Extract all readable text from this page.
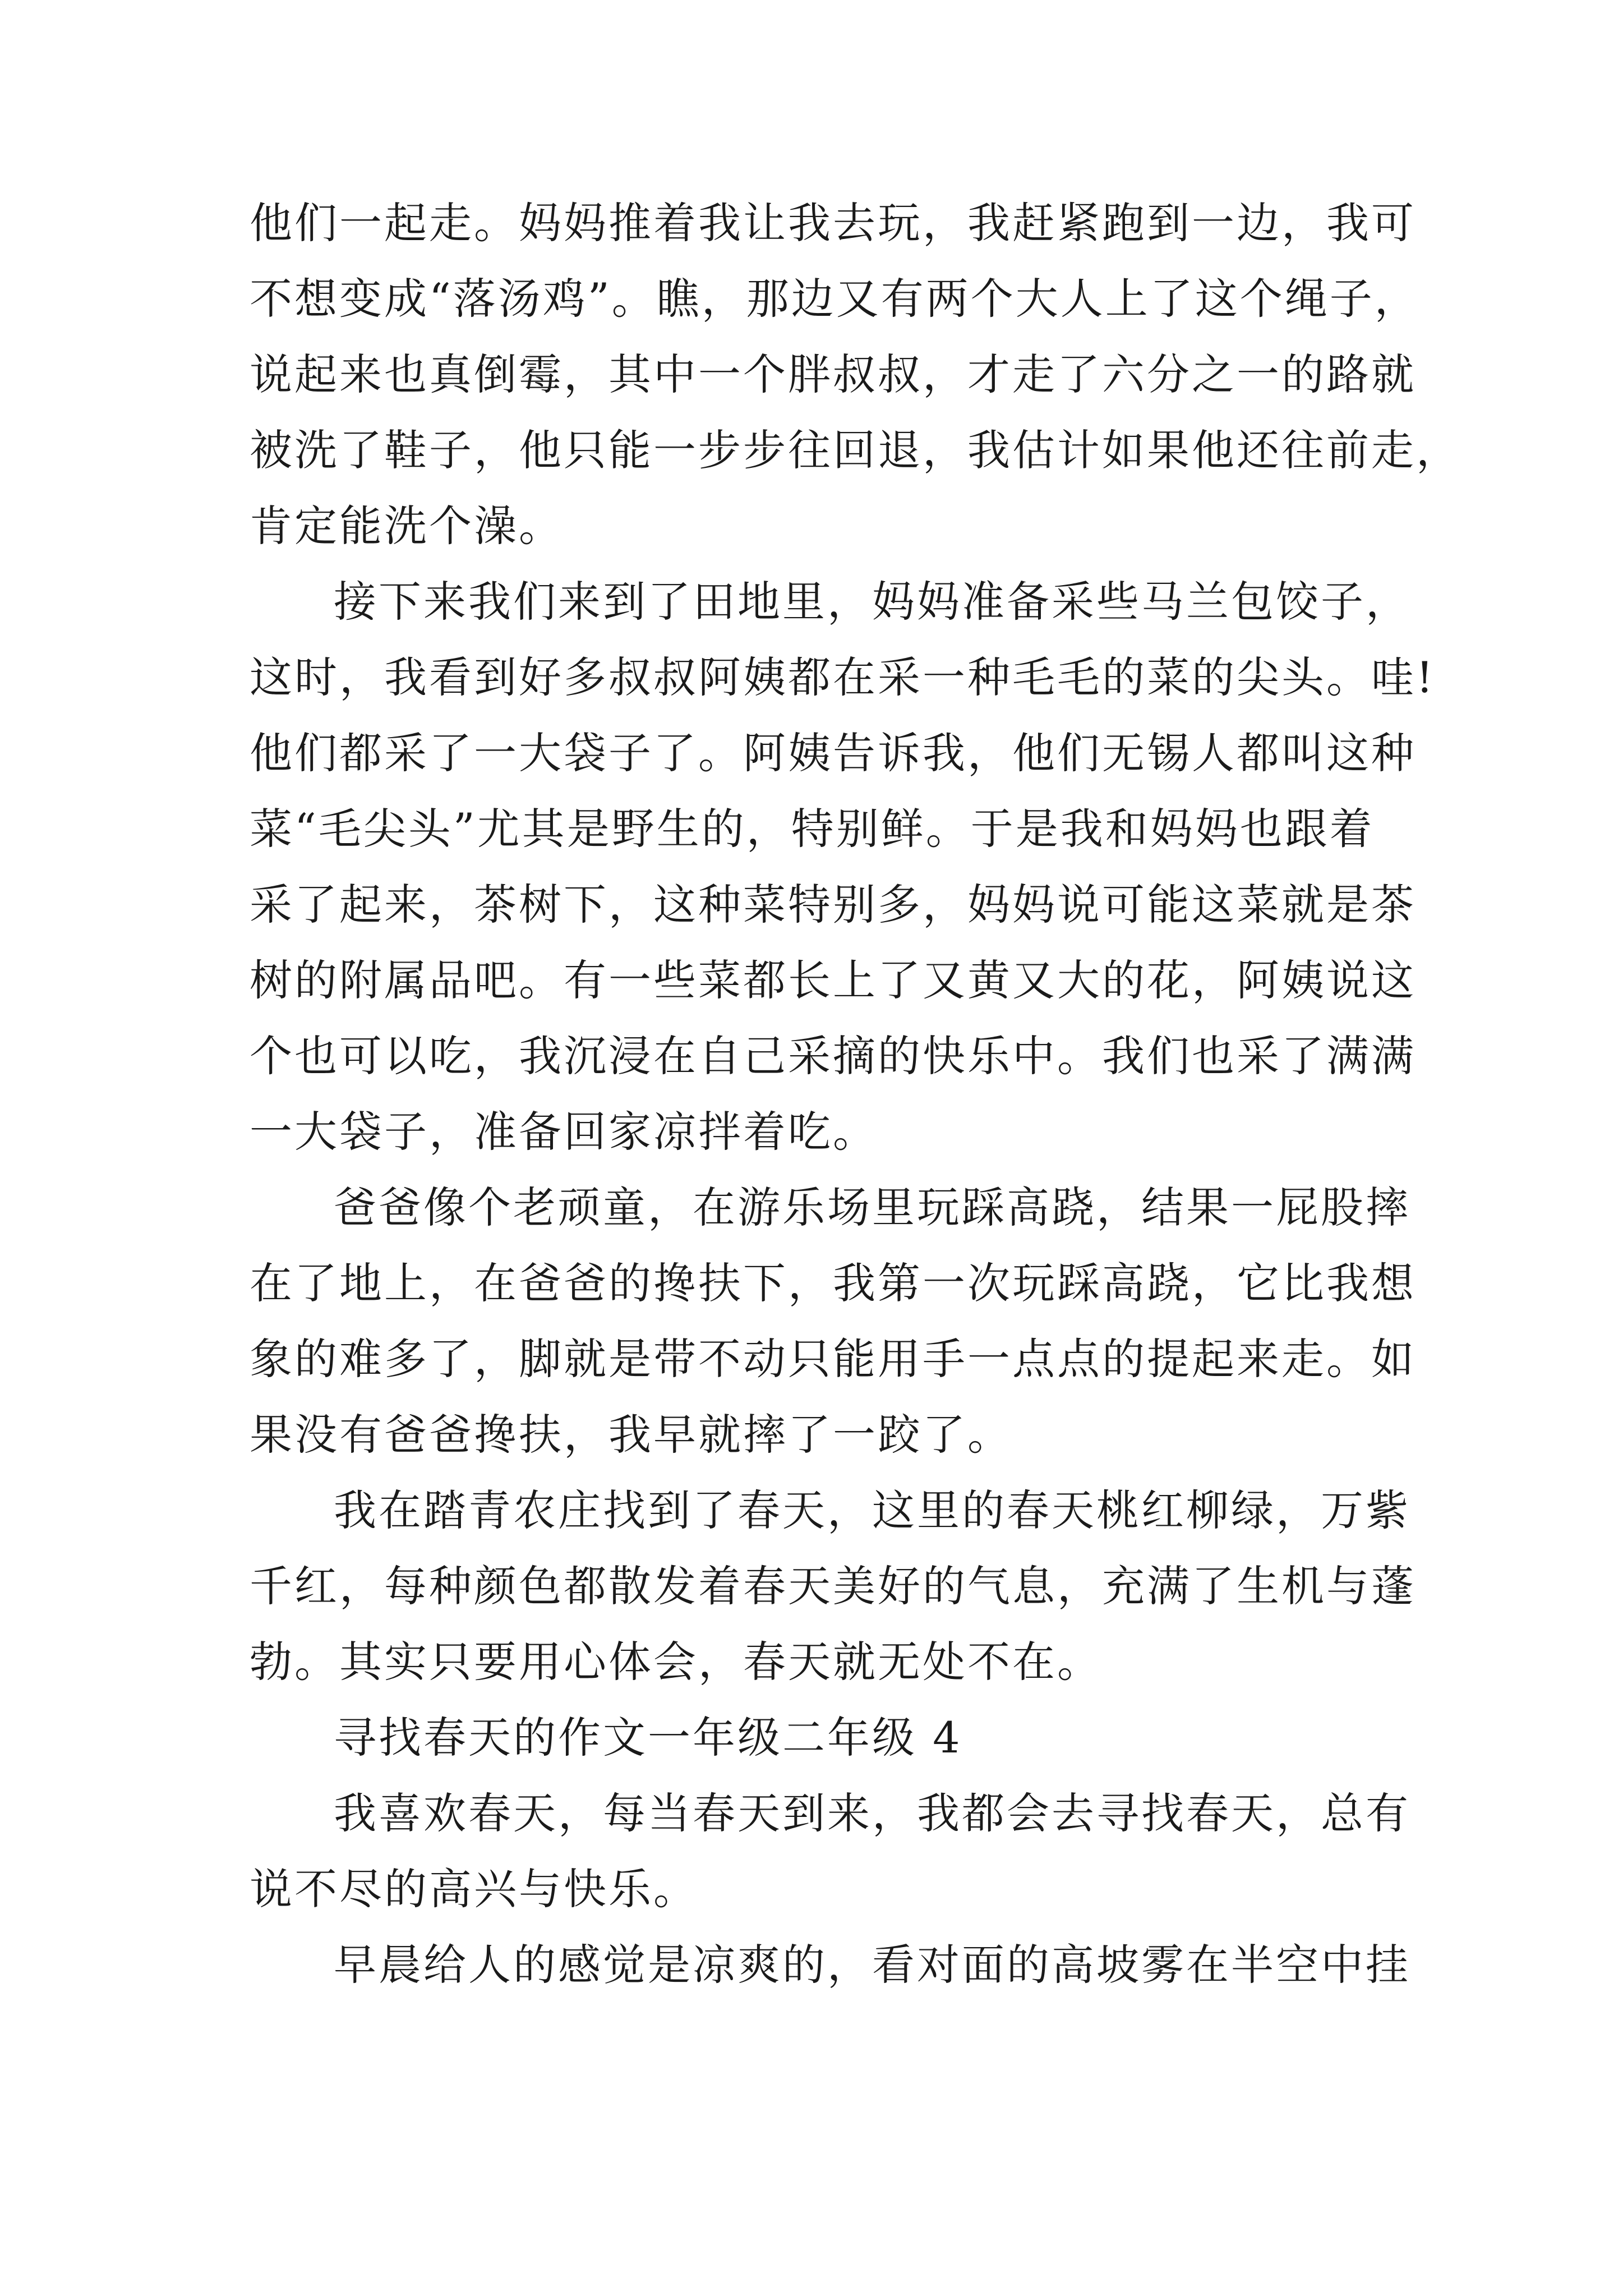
他们一起走。妈妈推着我让我去玩，我赶紧跑到一边，我可
不想变成“落汤鸡”。瞧，那边又有两个大人上了这个绳子，
说起来也真倒霉，其中一个胖叔叔，才走了六分之一的路就
被洗了鞋子，他只能一步步往回退，我估计如果他还往前走，
肯定能洗个澡。
接下来我们来到了田地里，妈妈准备采些马兰包饺子，
这时，我看到好多叔叔阿姨都在采一种毛毛的菜的尖头。哇!
他们都采了一大袋子了。阿姨告诉我，他们无锡人都叫这种
菜“毛尖头”尤其是野生的，特别鲜。于是我和妈妈也跟着
采了起来，茶树下，这种菜特别多，妈妈说可能这菜就是茶
树的附属品吧。有一些菜都长上了又黄又大的花，阿姨说这
个也可以吃，我沉浸在自己采摘的快乐中。我们也采了满满
一大袋子，准备回家凉拌着吃。
爸爸像个老顽童，在游乐场里玩踩高跷，结果一屁股摔
在了地上，在爸爸的搀扶下，我第一次玩踩高跷，它比我想
象的难多了，脚就是带不动只能用手一点点的提起来走。如
果没有爸爸搀扶，我早就摔了一跤了。
我在踏青农庄找到了春天，这里的春天桃红柳绿，万紫
千红，每种颜色都散发着春天美好的气息，充满了生机与蓬
勃。其实只要用心体会，春天就无处不在。
寻找春天的作文一年级二年级 4
我喜欢春天，每当春天到来，我都会去寻找春天，总有
说不尽的高兴与快乐。
早晨给人的感觉是凉爽的，看对面的高坡雾在半空中挂
